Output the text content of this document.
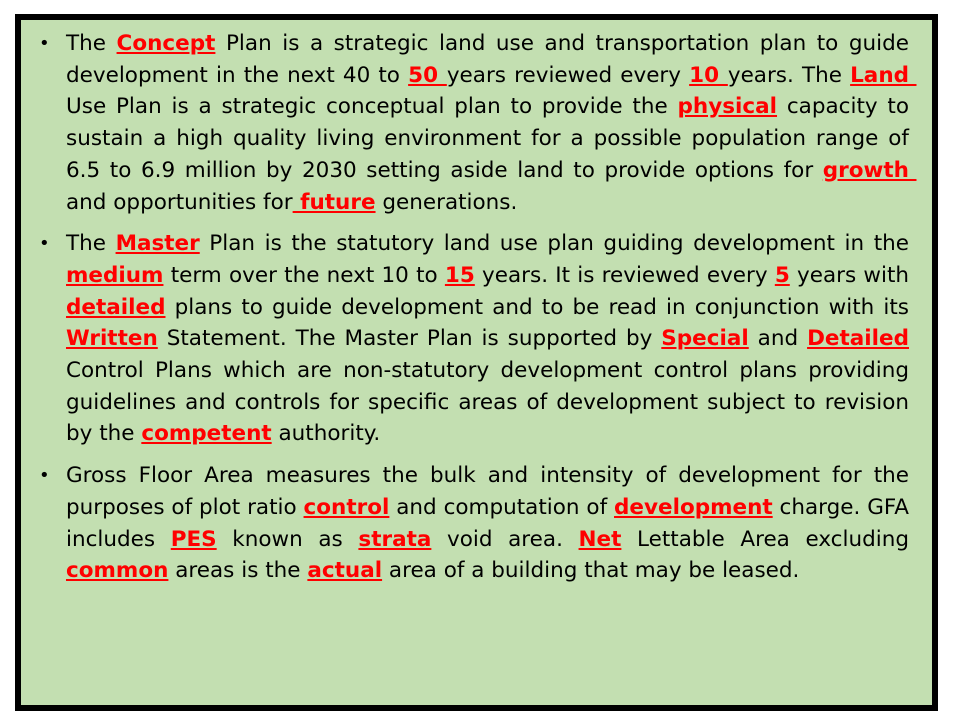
• The Concept Plan is a strategic land use and transportation plan to guide development in the next 40 to 50 years reviewed every 10 years. The Land Use Plan is a strategic conceptual plan to provide the physical capacity to sustain a high quality living environment for a possible population range of 6.5 to 6.9 million by 2030 setting aside land to provide options for growth and opportunities for future generations.
• The Master Plan is the statutory land use plan guiding development in the medium term over the next 10 to 15 years. It is reviewed every 5 years with detailed plans to guide development and to be read in conjunction with its Written Statement. The Master Plan is supported by Special and Detailed Control Plans which are non-statutory development control plans providing guidelines and controls for specific areas of development subject to revision by the competent authority.
• Gross Floor Area measures the bulk and intensity of development for the purposes of plot ratio control and computation of development charge. GFA includes PES known as strata void area. Net Lettable Area excluding common areas is the actual area of a building that may be leased.
